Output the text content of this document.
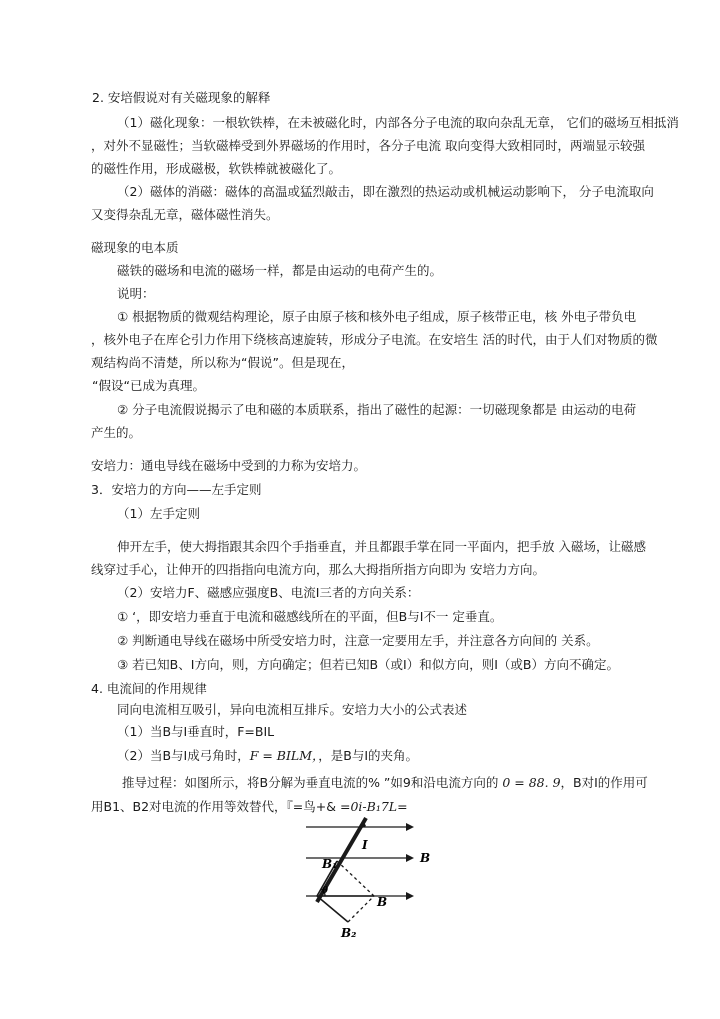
2. 安培假说对有关磁现象的解释
（1）磁化现象：一根软铁棒，在未被磁化时，内部各分子电流的取向杂乱无章， 它们的磁场互相抵消
，对外不显磁性；当软磁棒受到外界磁场的作用时，各分子电流 取向变得大致相同时，两端显示较强
的磁性作用，形成磁极，软铁棒就被磁化了。
（2）磁体的消磁：磁体的高温或猛烈敲击，即在激烈的热运动或机械运动影响下， 分子电流取向
又变得杂乱无章，磁体磁性消失。
磁现象的电本质
磁铁的磁场和电流的磁场一样，都是由运动的电荷产生的。
说明：
① 根据物质的微观结构理论，原子由原子核和核外电子组成，原子核带正电，核 外电子带负电
，核外电子在库仑引力作用下绕核高速旋转，形成分子电流。在安培生 活的时代，由于人们对物质的微
观结构尚不清楚，所以称为“假说”。但是现在，
“假设“已成为真理。
② 分子电流假说揭示了电和磁的本质联系，指出了磁性的起源：一切磁现象都是 由运动的电荷
产生的。
安培力：通电导线在磁场中受到的力称为安培力。
3．安培力的方向——左手定则
（1）左手定则
伸开左手，使大拇指跟其余四个手指垂直，并且都跟手掌在同一平面内，把手放 入磁场，让磁感
线穿过手心，让伸开的四指指向电流方向，那么大拇指所指方向即为 安培力方向。
（2）安培力F、磁感应强度B、电流I三者的方向关系：
① ‘，即安培力垂直于电流和磁感线所在的平面，但B与I不一 定垂直。
② 判断通电导线在磁场中所受安培力时，注意一定要用左手，并注意各方向间的 关系。
③ 若已知B、I方向，则，方向确定；但若已知B（或I）和似方向，则I（或B）方向不确定。
4. 电流间的作用规律
同向电流相互吸引，异向电流相互排斥。安培力大小的公式表述
（1）当B与I垂直时，F=BIL
（2）当B与I成弓角时，F = BILM，，是B与I的夹角。
推导过程：如图所示，将B分解为垂直电流的% ”如9和沿电流方向的 0 = 88. 9，B对I的作用可
用B1、B2对电流的作用等效替代，『=鸟+& =0i-B₁7L=
I
B₁	B
θ
B
B₂
